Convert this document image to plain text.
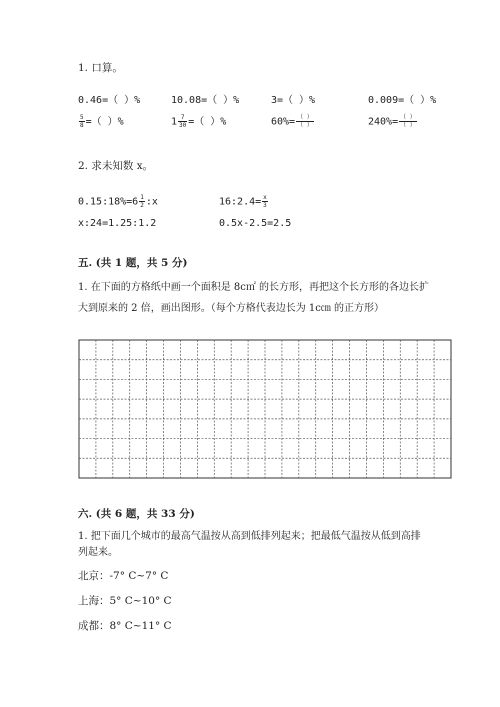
1. 口算。
0.46=（ ）%	10.08=（ ）%	3=（ ）%	0.009=（ ）%
$\frac{5}{8}$ =（ ）%	$1 \frac{7}{30}$ =（ ）%	$60\%= \frac{( )}{( )}$	$240\%= \frac{( )}{( )}$
2. 求未知数 x。
0.15:18%=6 $\frac{1}{2}$ :x	16:2.4= $\frac{x}{3}$
x:24=1.25:1.2	0.5x-2.5=2.5
五. (共 1 题，共 5 分)
1. 在下面的方格纸中画一个面积是 8c㎡ 的长方形，再把这个长方形的各边长扩
大到原来的 2 倍，画出图形。（每个方格代表边长为 1c㎝ 的正方形）
六. (共 6 题，共 33 分)
1. 把下面几个城市的最高气温按从高到低排列起来；把最低气温按从低到高排
列起来。
北京：-7° C~7° C
上海：5° C~10° C
成都：8° C~11° C
